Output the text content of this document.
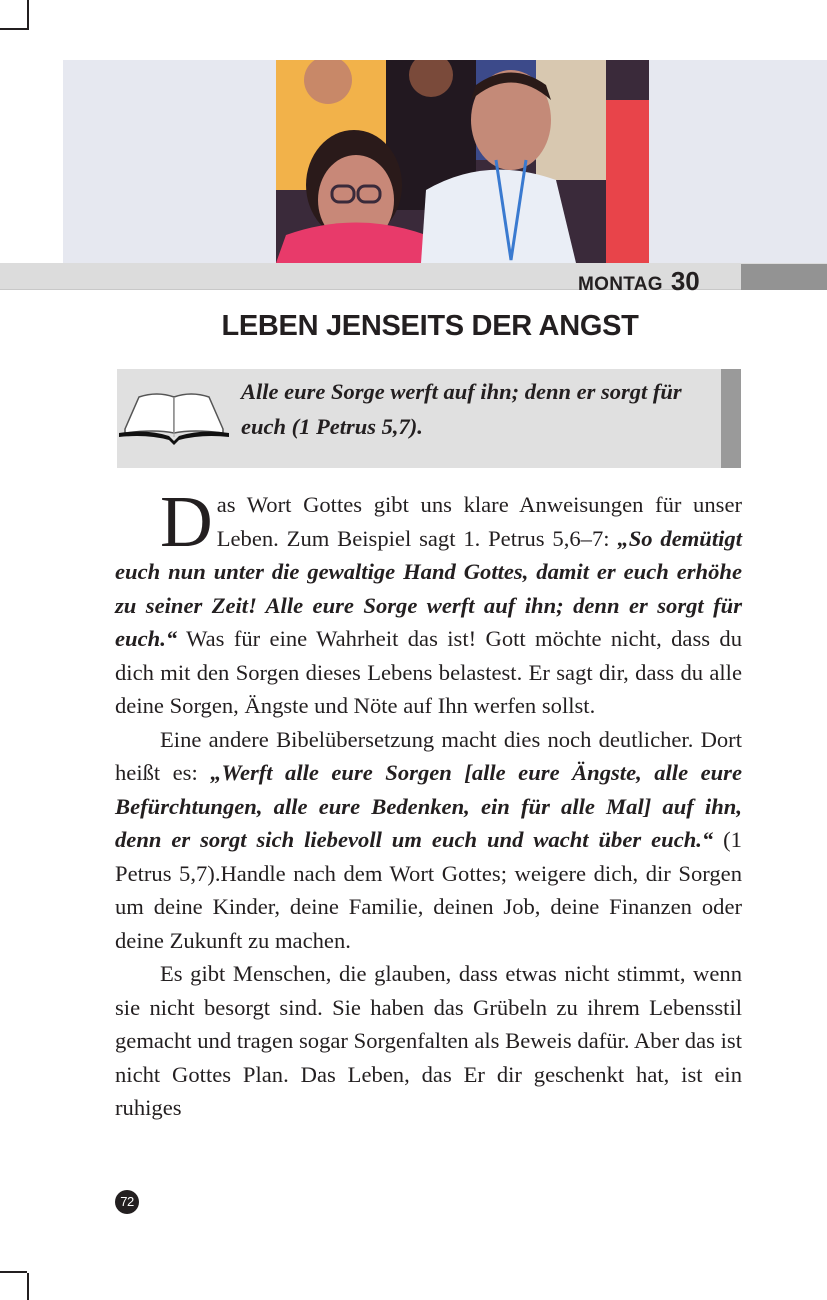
MONTAG 30
LEBEN JENSEITS DER ANGST
Alle eure Sorge werft auf ihn; denn er sorgt für euch (1 Petrus 5,7).

Das Wort Gottes gibt uns klare Anweisungen für unser Leben. Zum Beispiel sagt 1. Petrus 5,6–7: „So demütigt euch nun unter die gewaltige Hand Gottes, damit er euch erhöhe zu seiner Zeit! Alle eure Sorge werft auf ihn; denn er sorgt für euch.“ Was für eine Wahrheit das ist! Gott möchte nicht, dass du dich mit den Sorgen dieses Lebens belastest. Er sagt dir, dass du alle deine Sorgen, Ängste und Nöte auf Ihn werfen sollst.

Eine andere Bibelübersetzung macht dies noch deutlicher. Dort heißt es: „Werft alle eure Sorgen [alle eure Ängste, alle eure Befürchtungen, alle eure Bedenken, ein für alle Mal] auf ihn, denn er sorgt sich liebevoll um euch und wacht über euch.“ (1 Petrus 5,7).Handle nach dem Wort Gottes; weigere dich, dir Sorgen um deine Kinder, deine Familie, deinen Job, deine Finanzen oder deine Zukunft zu machen.

Es gibt Menschen, die glauben, dass etwas nicht stimmt, wenn sie nicht besorgt sind. Sie haben das Grübeln zu ihrem Lebensstil gemacht und tragen sogar Sorgenfalten als Beweis dafür. Aber das ist nicht Gottes Plan. Das Leben, das Er dir geschenkt hat, ist ein ruhiges

72
